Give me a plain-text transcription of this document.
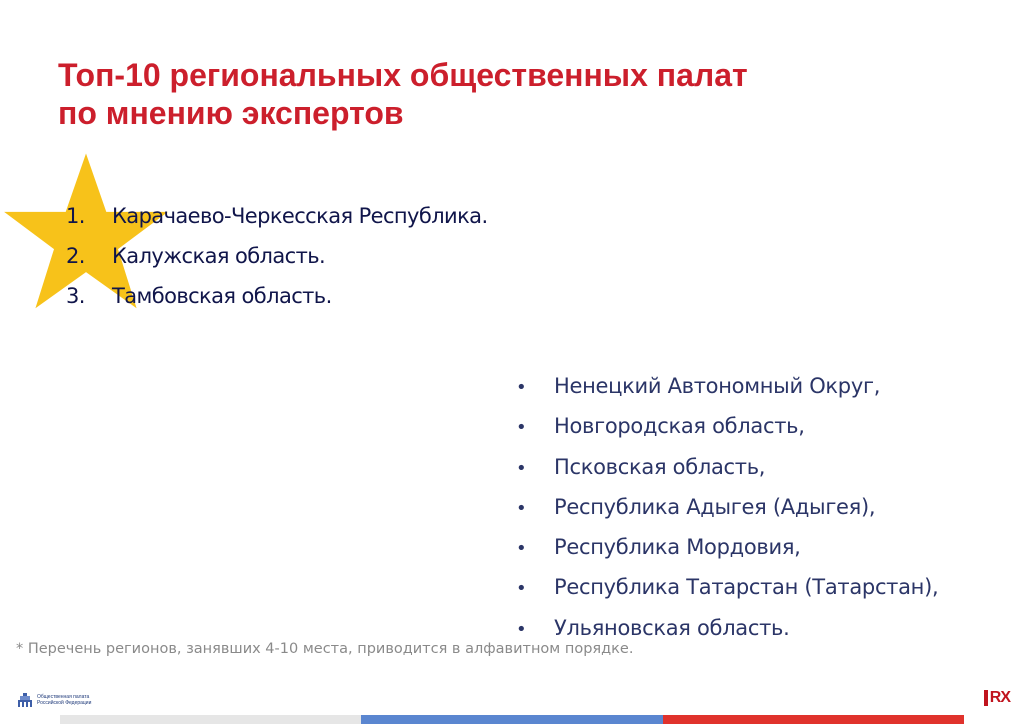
Топ-10 региональных общественных палат
по мнению экспертов
1. Карачаево-Черкесская Республика.
2. Калужская область.
3. Тамбовская область.
• Ненецкий Автономный Округ,
• Новгородская область,
• Псковская область,
• Республика Адыгея (Адыгея),
• Республика Мордовия,
• Республика Татарстан (Татарстан),
• Ульяновская область.

* Перечень регионов, занявших 4-10 места, приводится в алфавитном порядке.

Общественная палата Российской Федерации	RX
